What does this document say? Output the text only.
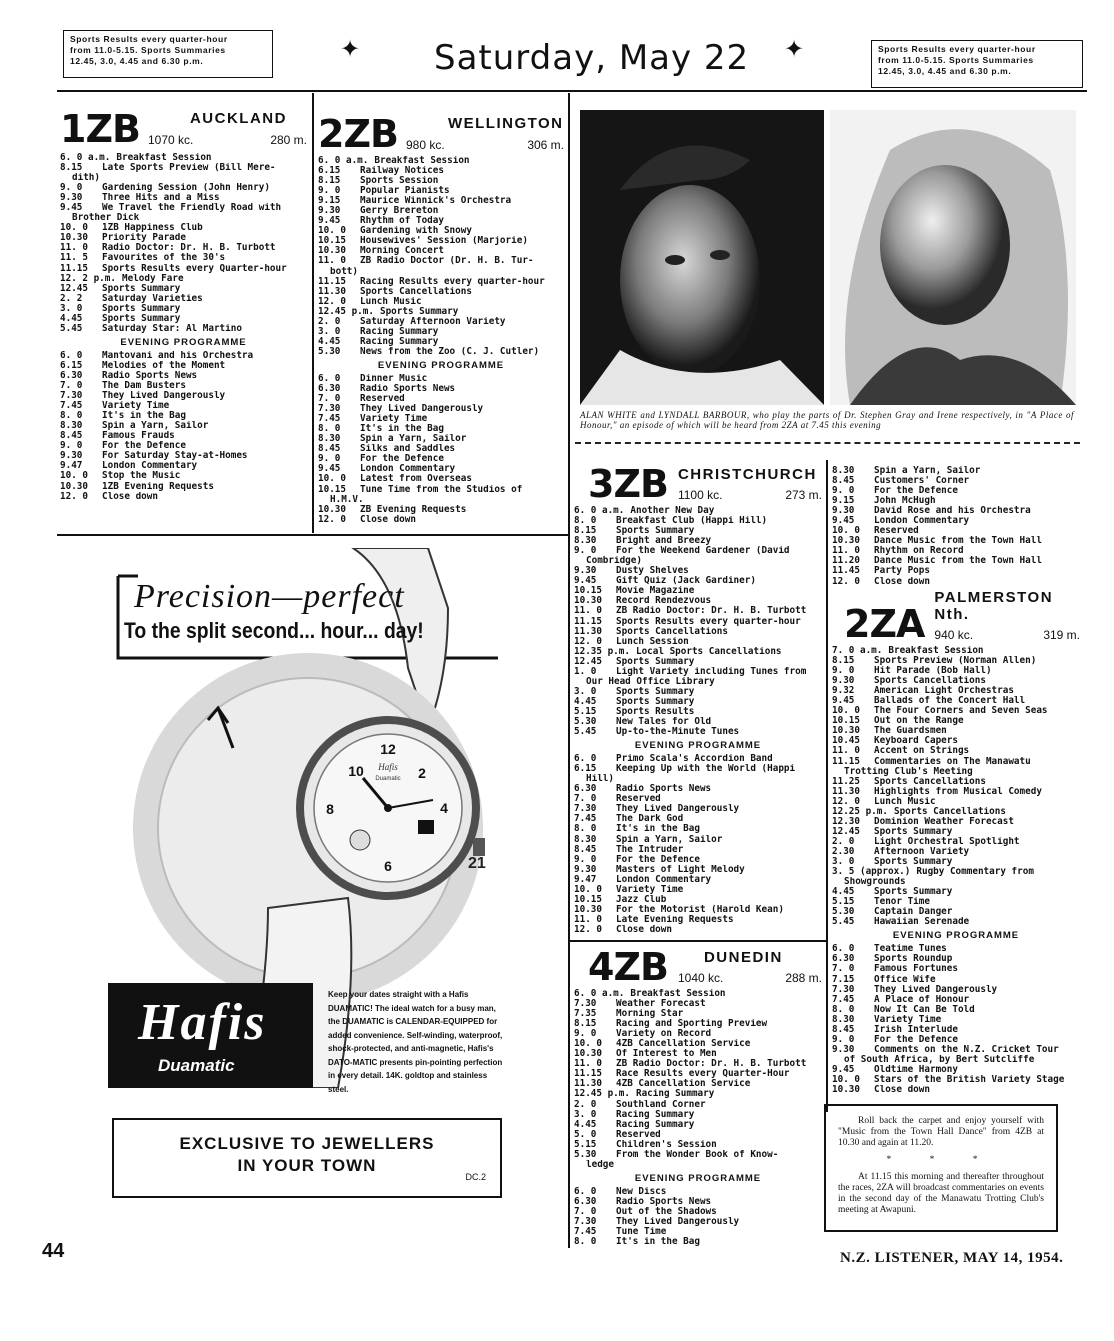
Sports Results every quarter-hour
from 11.0-5.15. Sports Summaries
12.45, 3.0, 4.45 and 6.30 p.m.	✦ Saturday, May 22 ✦	Sports Results every quarter-hour
from 11.0-5.15. Sports Summaries
12.45, 3.0, 4.45 and 6.30 p.m.
1ZB	AUCKLAND
1070 kc.	280 m.
6. 0 a.m. Breakfast Session
8.15	Late Sports Preview (Bill Mere-
dith)
9. 0	Gardening Session (John Henry)
9.30	Three Hits and a Miss
9.45	We Travel the Friendly Road with
Brother Dick
10. 0	1ZB Happiness Club
10.30	Priority Parade
11. 0	Radio Doctor: Dr. H. B. Turbott
11. 5	Favourites of the 30's
11.15	Sports Results every Quarter-hour
12. 2 p.m. Melody Fare
12.45	Sports Summary
2. 2	Saturday Varieties
3. 0	Sports Summary
4.45	Sports Summary
5.45	Saturday Star: Al Martino
EVENING PROGRAMME
6. 0	Mantovani and his Orchestra
6.15	Melodies of the Moment
6.30	Radio Sports News
7. 0	The Dam Busters
7.30	They Lived Dangerously
7.45	Variety Time
8. 0	It's in the Bag
8.30	Spin a Yarn, Sailor
8.45	Famous Frauds
9. 0	For the Defence
9.30	For Saturday Stay-at-Homes
9.47	London Commentary
10. 0	Stop the Music
10.30	1ZB Evening Requests
12. 0	Close down
2ZB	WELLINGTON
980 kc.	306 m.
6. 0 a.m. Breakfast Session
6.15	Railway Notices
8.15	Sports Session
9. 0	Popular Pianists
9.15	Maurice Winnick's Orchestra
9.30	Gerry Brereton
9.45	Rhythm of Today
10. 0	Gardening with Snowy
10.15	Housewives' Session (Marjorie)
10.30	Morning Concert
11. 0	ZB Radio Doctor (Dr. H. B. Tur-
bott)
11.15	Racing Results every quarter-hour
11.30	Sports Cancellations
12. 0	Lunch Music
12.45 p.m. Sports Summary
2. 0	Saturday Afternoon Variety
3. 0	Racing Summary
4.45	Racing Summary
5.30	News from the Zoo (C. J. Cutler)
EVENING PROGRAMME
6. 0	Dinner Music
6.30	Radio Sports News
7. 0	Reserved
7.30	They Lived Dangerously
7.45	Variety Time
8. 0	It's in the Bag
8.30	Spin a Yarn, Sailor
8.45	Silks and Saddles
9. 0	For the Defence
9.45	London Commentary
10. 0	Latest from Overseas
10.15	Tune Time from the Studios of
H.M.V.
10.30	ZB Evening Requests
12. 0	Close down
ALAN WHITE and LYNDALL BARBOUR, who play the parts of Dr. Stephen Gray and Irene respectively, in "A Place of Honour," an episode of which will be heard from 2ZA at 7.45 this evening
3ZB CHRISTCHURCH
1100 kc.	273 m.
6. 0 a.m. Another New Day
8. 0	Breakfast Club (Happi Hill)
8.15	Sports Summary
8.30	Bright and Breezy
9. 0	For the Weekend Gardener (David
Combridge)
9.30	Dusty Shelves
9.45	Gift Quiz (Jack Gardiner)
10.15	Movie Magazine
10.30	Record Rendezvous
11. 0	ZB Radio Doctor: Dr. H. B. Turbott
11.15	Sports Results every quarter-hour
11.30	Sports Cancellations
12. 0	Lunch Session
12.35 p.m. Local Sports Cancellations
12.45	Sports Summary
1. 0	Light Variety including Tunes from
Our Head Office Library
3. 0	Sports Summary
4.45	Sports Summary
5.15	Sports Results
5.30	New Tales for Old
5.45	Up-to-the-Minute Tunes
EVENING PROGRAMME
6. 0	Primo Scala's Accordion Band
6.15	Keeping Up with the World (Happi
Hill)
6.30	Radio Sports News
7. 0	Reserved
7.30	They Lived Dangerously
7.45	The Dark God
8. 0	It's in the Bag
8.30	Spin a Yarn, Sailor
8.45	The Intruder
9. 0	For the Defence
9.30	Masters of Light Melody
9.47	London Commentary
10. 0	Variety Time
10.15	Jazz Club
10.30	For the Motorist (Harold Kean)
11. 0	Late Evening Requests
12. 0	Close down
4ZB DUNEDIN
1040 kc.	288 m.
6. 0 a.m. Breakfast Session
7.30	Weather Forecast
7.35	Morning Star
8.15	Racing and Sporting Preview
9. 0	Variety on Record
10. 0	4ZB Cancellation Service
10.30	Of Interest to Men
11. 0	ZB Radio Doctor: Dr. H. B. Turbott
11.15	Race Results every Quarter-Hour
11.30	4ZB Cancellation Service
12.45 p.m. Racing Summary
2. 0	Southland Corner
3. 0	Racing Summary
4.45	Racing Summary
5. 0	Reserved
5.15	Children's Session
5.30	From the Wonder Book of Know-
ledge
EVENING PROGRAMME
6. 0	New Discs
6.30	Radio Sports News
7. 0	Out of the Shadows
7.30	They Lived Dangerously
7.45	Tune Time
8. 0	It's in the Bag
8.30	Spin a Yarn, Sailor
8.45	Customers' Corner
9. 0	For the Defence
9.15	John McHugh
9.30	David Rose and his Orchestra
9.45	London Commentary
10. 0	Reserved
10.30	Dance Music from the Town Hall
11. 0	Rhythm on Record
11.20	Dance Music from the Town Hall
11.45	Party Pops
12. 0	Close down
2ZA
PALMERSTON Nth.
940 kc.	319 m.
7. 0 a.m. Breakfast Session
8.15	Sports Preview (Norman Allen)
9. 0	Hit Parade (Bob Hall)
9.30	Sports Cancellations
9.32	American Light Orchestras
9.45	Ballads of the Concert Hall
10. 0	The Four Corners and Seven Seas
10.15	Out on the Range
10.30	The Guardsmen
10.45	Keyboard Capers
11. 0	Accent on Strings
11.15	Commentaries on The Manawatu
Trotting Club's Meeting
11.25	Sports Cancellations
11.30	Highlights from Musical Comedy
12. 0	Lunch Music
12.25 p.m. Sports Cancellations
12.30	Dominion Weather Forecast
12.45	Sports Summary
2. 0	Light Orchestral Spotlight
2.30	Afternoon Variety
3. 0	Sports Summary
3. 5 (approx.) Rugby Commentary from
Showgrounds
4.45	Sports Summary
5.15	Tenor Time
5.30	Captain Danger
5.45	Hawaiian Serenade
EVENING PROGRAMME
6. 0	Teatime Tunes
6.30	Sports Roundup
7. 0	Famous Fortunes
7.15	Office Wife
7.30	They Lived Dangerously
7.45	A Place of Honour
8. 0	Now It Can Be Told
8.30	Variety Time
8.45	Irish Interlude
9. 0	For the Defence
9.30	Comments on the N.Z. Cricket Tour
of South Africa, by Bert Sutcliffe
9.45	Oldtime Harmony
10. 0	Stars of the British Variety Stage
10.30	Close down

Roll back the carpet and enjoy yourself with "Music from the Town Hall Dance" from 4ZB at 10.30 and again at 11.20.

* * *

At 11.15 this morning and thereafter throughout the races, 2ZA will broadcast commentaries on events in the second day of the Manawatu Trotting Club's meeting at Awapuni.

12
4
8
6
10	2
Hafis
Duamatic
21
Precision—perfect
To the split second... hour... day!
Hafis
Duamatic
Keep your dates straight with a Hafis DUAMATIC! The ideal watch for a busy man, the DUAMATIC is CALENDAR-EQUIPPED for added convenience. Self-winding, waterproof, shock-protected, and anti-magnetic, Hafis's DATO-MATIC presents pin-pointing perfection in every detail. 14K. goldtop and stainless steel.
EXCLUSIVE TO JEWELLERS
IN YOUR TOWN
DC.2
44	N.Z. LISTENER, MAY 14, 1954.
